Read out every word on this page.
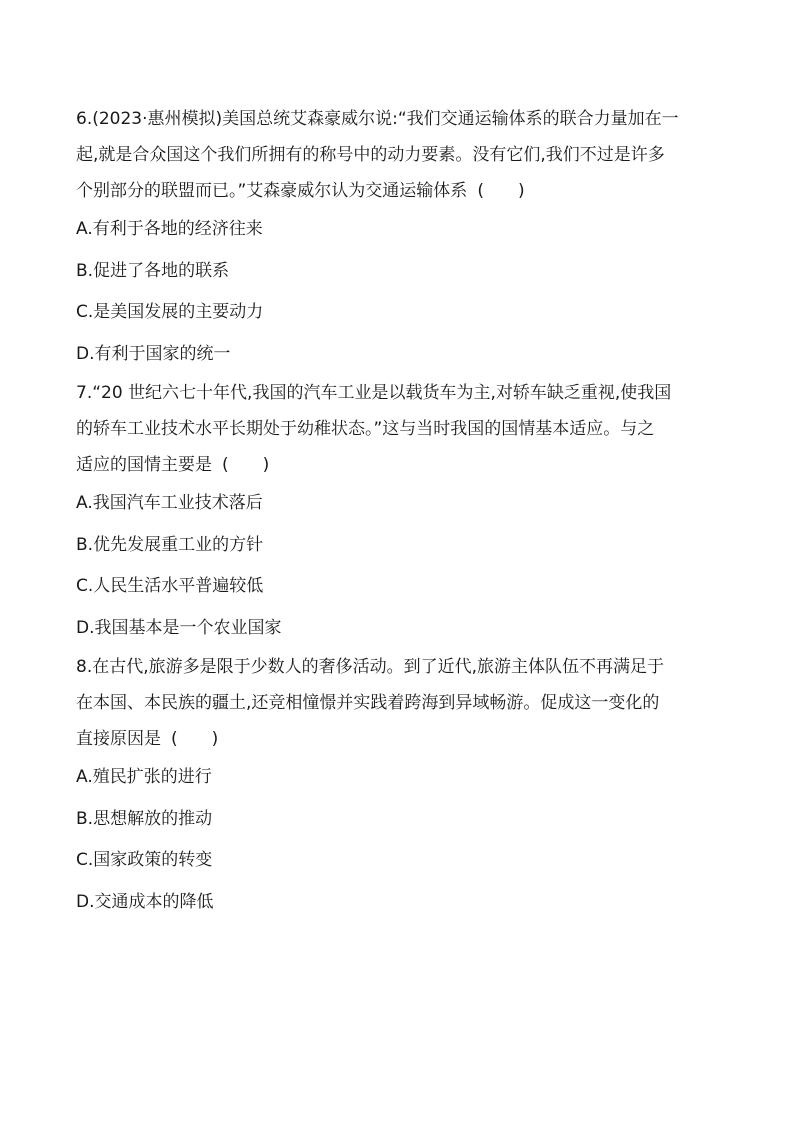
6.(2023·惠州模拟)美国总统艾森豪威尔说:“我们交通运输体系的联合力量加在一
起,就是合众国这个我们所拥有的称号中的动力要素。没有它们,我们不过是许多
个别部分的联盟而已。”艾森豪威尔认为交通运输体系 (　　)
A.有利于各地的经济往来
B.促进了各地的联系
C.是美国发展的主要动力
D.有利于国家的统一
7.“20 世纪六七十年代,我国的汽车工业是以载货车为主,对轿车缺乏重视,使我国
的轿车工业技术水平长期处于幼稚状态。”这与当时我国的国情基本适应。与之
适应的国情主要是 (　　)
A.我国汽车工业技术落后
B.优先发展重工业的方针
C.人民生活水平普遍较低
D.我国基本是一个农业国家
8.在古代,旅游多是限于少数人的奢侈活动。到了近代,旅游主体队伍不再满足于
在本国、本民族的疆土,还竞相憧憬并实践着跨海到异域畅游。促成这一变化的
直接原因是 (　　)
A.殖民扩张的进行
B.思想解放的推动
C.国家政策的转变
D.交通成本的降低
